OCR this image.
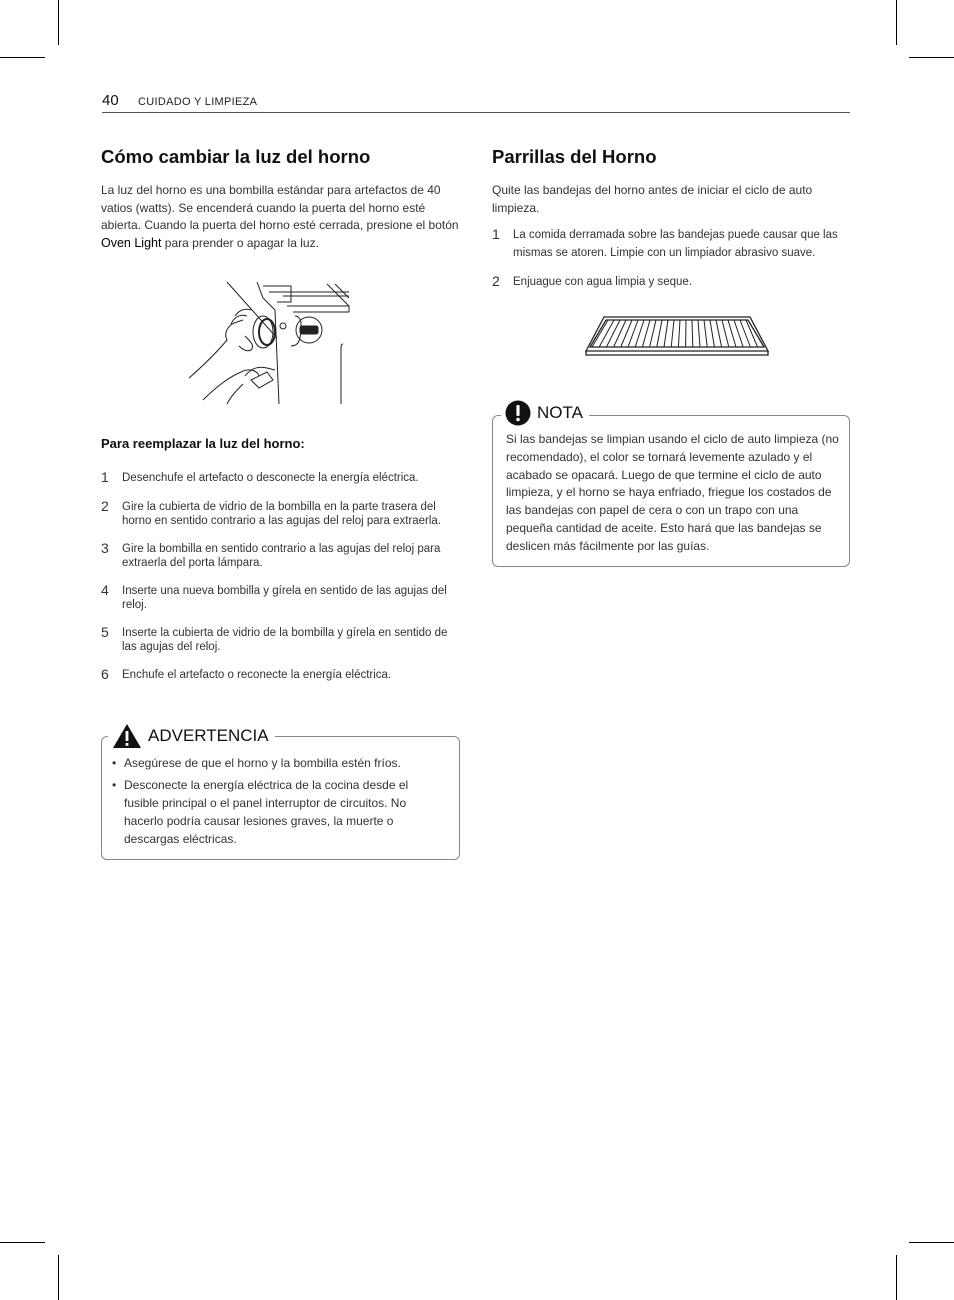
40 CUIDADO Y LIMPIEZA
Cómo cambiar la luz del horno
La luz del horno es una bombilla estándar para artefactos de 40 vatios (watts). Se encenderá cuando la puerta del horno esté abierta. Cuando la puerta del horno esté cerrada, presione el botón Oven Light para prender o apagar la luz.
Para reemplazar la luz del horno:
1 Desenchufe el artefacto o desconecte la energía eléctrica.
2 Gire la cubierta de vidrio de la bombilla en la parte trasera del horno en sentido contrario a las agujas del reloj para extraerla.
3 Gire la bombilla en sentido contrario a las agujas del reloj para extraerla del porta lámpara.
4 Inserte una nueva bombilla y gírela en sentido de las agujas del reloj.
5 Inserte la cubierta de vidrio de la bombilla y gírela en sentido de las agujas del reloj.
6 Enchufe el artefacto o reconecte la energía eléctrica.
ADVERTENCIA
• Asegúrese de que el horno y la bombilla estén fríos.
• Desconecte la energía eléctrica de la cocina desde el fusible principal o el panel interruptor de circuitos. No hacerlo podría causar lesiones graves, la muerte o descargas eléctricas.
Parrillas del Horno
Quite las bandejas del horno antes de iniciar el ciclo de auto limpieza.
1 La comida derramada sobre las bandejas puede causar que las mismas se atoren. Limpie con un limpiador abrasivo suave.
2 Enjuague con agua limpia y seque.
NOTA
Si las bandejas se limpian usando el ciclo de auto limpieza (no recomendado), el color se tornará levemente azulado y el acabado se opacará. Luego de que termine el ciclo de auto limpieza, y el horno se haya enfriado, friegue los costados de las bandejas con papel de cera o con un trapo con una pequeña cantidad de aceite. Esto hará que las bandejas se deslicen más fácilmente por las guías.
